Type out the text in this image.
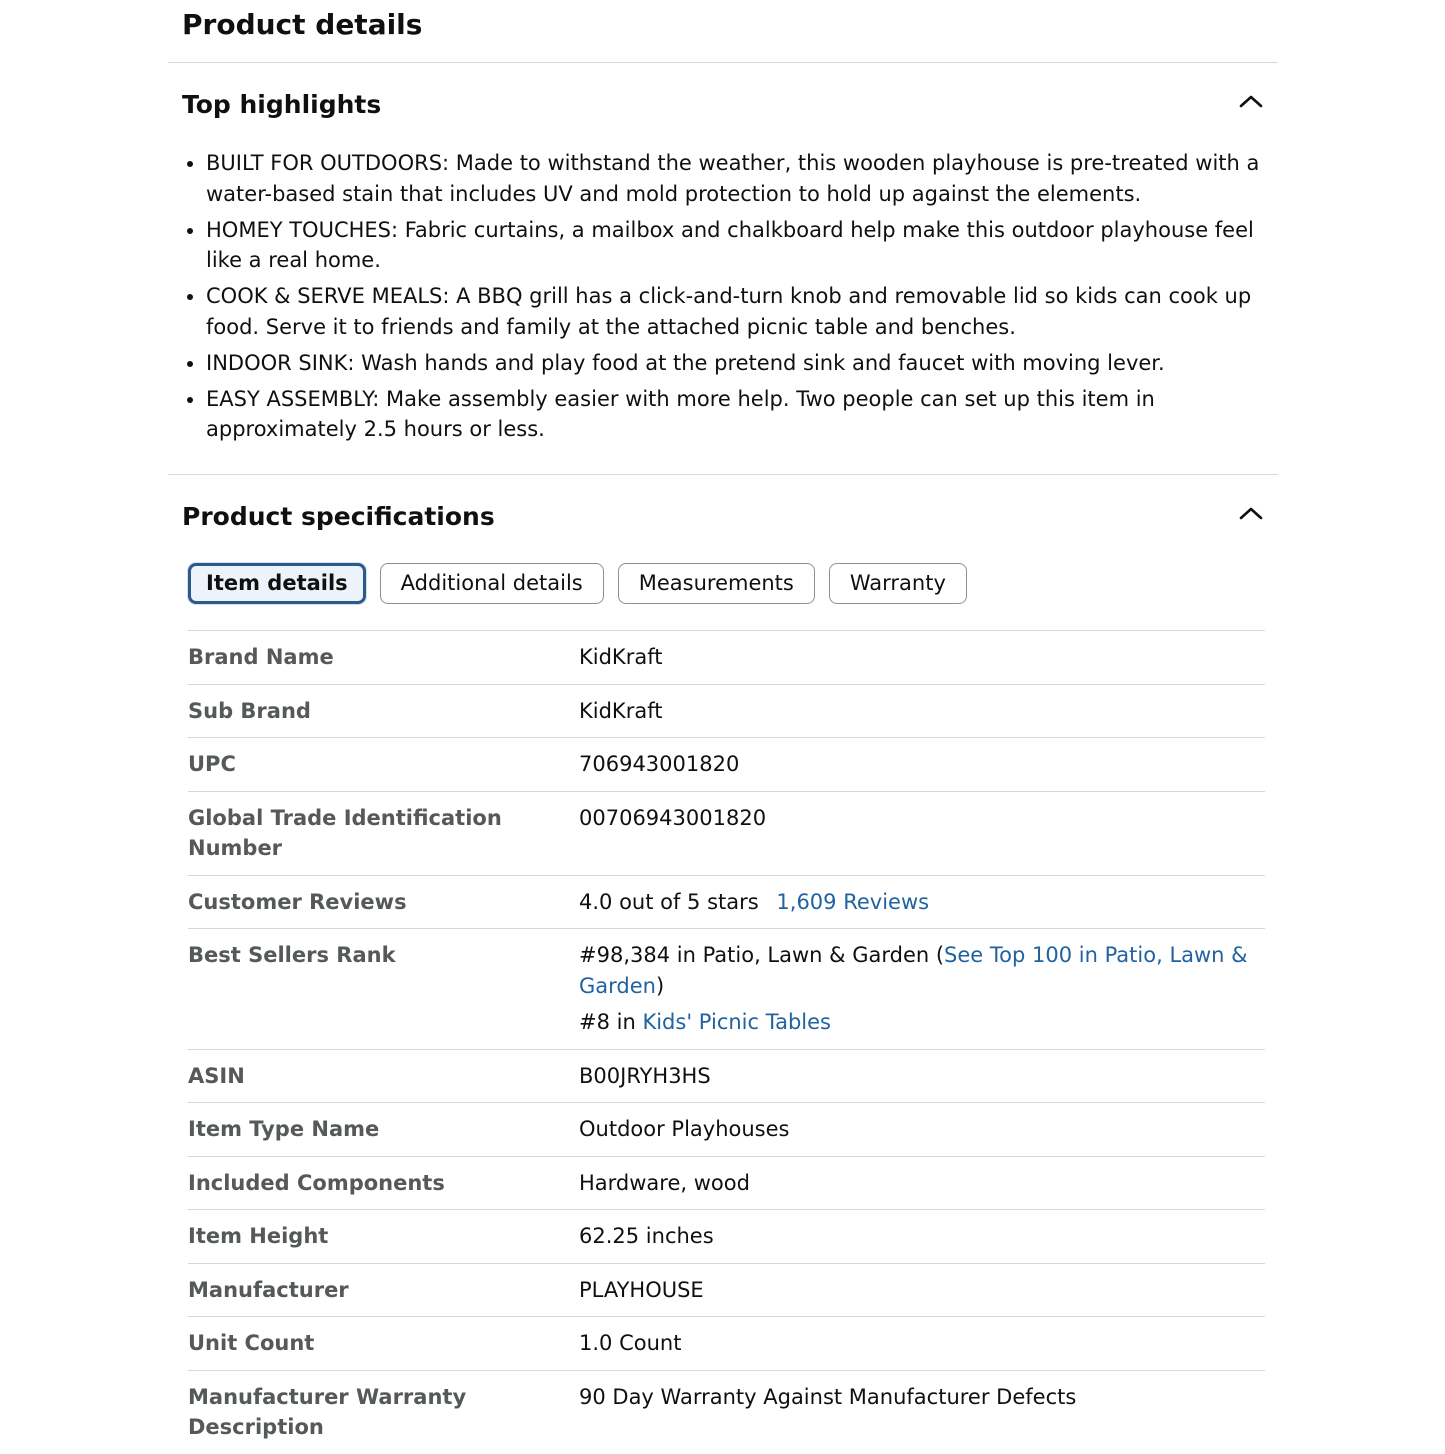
Product details
Top highlights
BUILT FOR OUTDOORS: Made to withstand the weather, this wooden playhouse is pre-treated with a water-based stain that includes UV and mold protection to hold up against the elements.
HOMEY TOUCHES: Fabric curtains, a mailbox and chalkboard help make this outdoor playhouse feel like a real home.
COOK & SERVE MEALS: A BBQ grill has a click-and-turn knob and removable lid so kids can cook up food. Serve it to friends and family at the attached picnic table and benches.
INDOOR SINK: Wash hands and play food at the pretend sink and faucet with moving lever.
EASY ASSEMBLY: Make assembly easier with more help. Two people can set up this item in approximately 2.5 hours or less.
Product specifications
Item details	Additional details	Measurements	Warranty
Brand Name	KidKraft
Sub Brand	KidKraft
UPC	706943001820
Global Trade Identification Number	00706943001820
Customer Reviews	4.0 out of 5 stars 1,609 Reviews
Best Sellers Rank	#98,384 in Patio, Lawn & Garden (See Top 100 in Patio, Lawn & Garden)
#8 in Kids' Picnic Tables

ASIN	B00JRYH3HS
Item Type Name	Outdoor Playhouses
Included Components	Hardware, wood
Item Height	62.25 inches
Manufacturer	PLAYHOUSE
Unit Count	1.0 Count
Manufacturer Warranty Description	90 Day Warranty Against Manufacturer Defects
